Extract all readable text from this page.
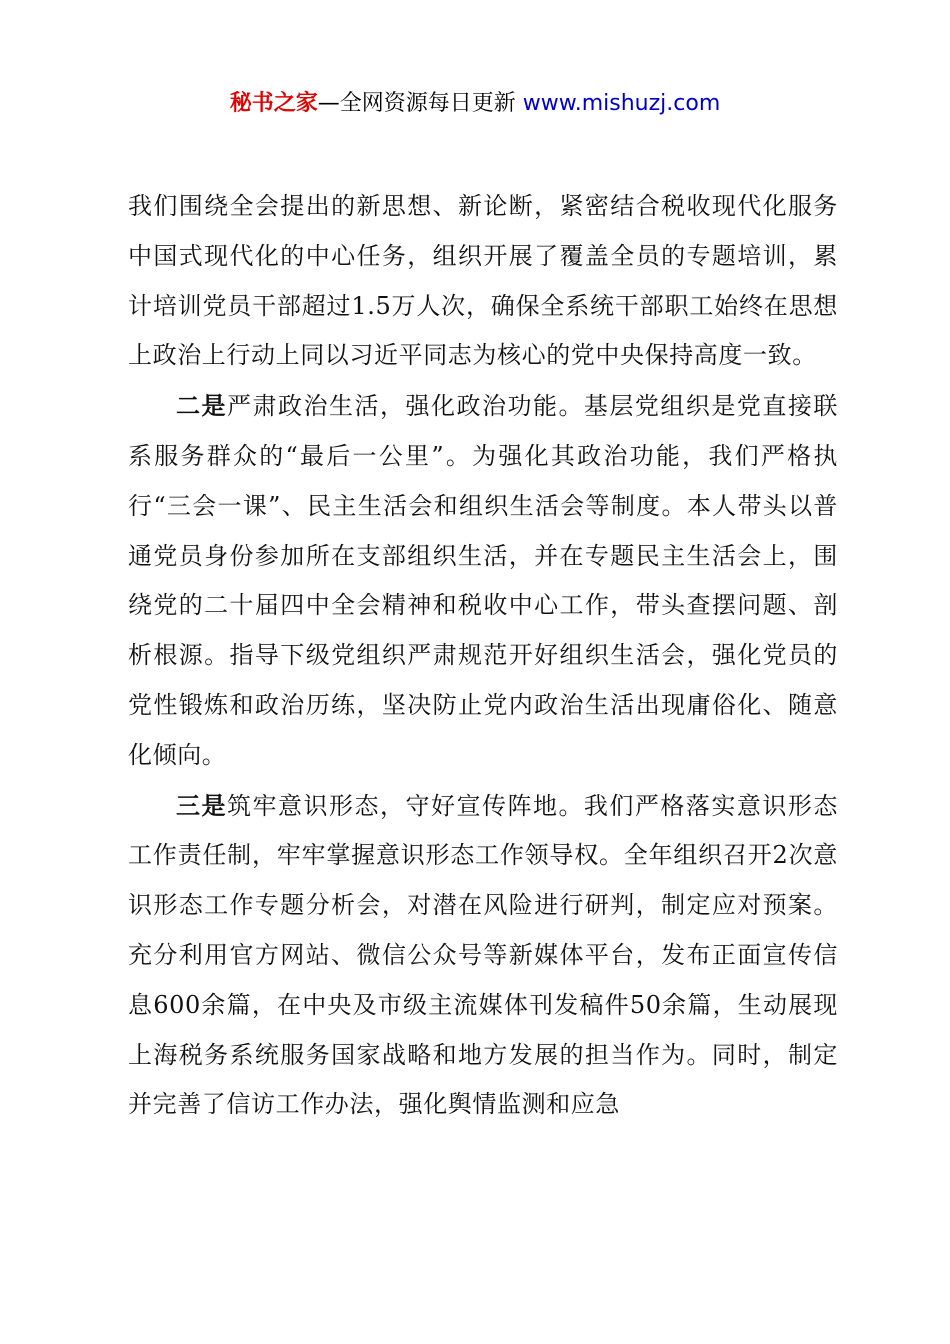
秘书之家—全网资源每日更新 www.mishuzj.com

我们围绕全会提出的新思想、新论断，紧密结合税收现代化服务中国式现代化的中心任务，组织开展了覆盖全员的专题培训，累计培训党员干部超过1.5万人次，确保全系统干部职工始终在思想上政治上行动上同以习近平同志为核心的党中央保持高度一致。

二是严肃政治生活，强化政治功能。基层党组织是党直接联系服务群众的“最后一公里”。为强化其政治功能，我们严格执行“三会一课”、民主生活会和组织生活会等制度。本人带头以普通党员身份参加所在支部组织生活，并在专题民主生活会上，围绕党的二十届四中全会精神和税收中心工作，带头查摆问题、剖析根源。指导下级党组织严肃规范开好组织生活会，强化党员的党性锻炼和政治历练，坚决防止党内政治生活出现庸俗化、随意化倾向。

三是筑牢意识形态，守好宣传阵地。我们严格落实意识形态工作责任制，牢牢掌握意识形态工作领导权。全年组织召开2次意识形态工作专题分析会，对潜在风险进行研判，制定应对预案。充分利用官方网站、微信公众号等新媒体平台，发布正面宣传信息600余篇，在中央及市级主流媒体刊发稿件50余篇，生动展现上海税务系统服务国家战略和地方发展的担当作为。同时，制定并完善了信访工作办法，强化舆情监测和应急
